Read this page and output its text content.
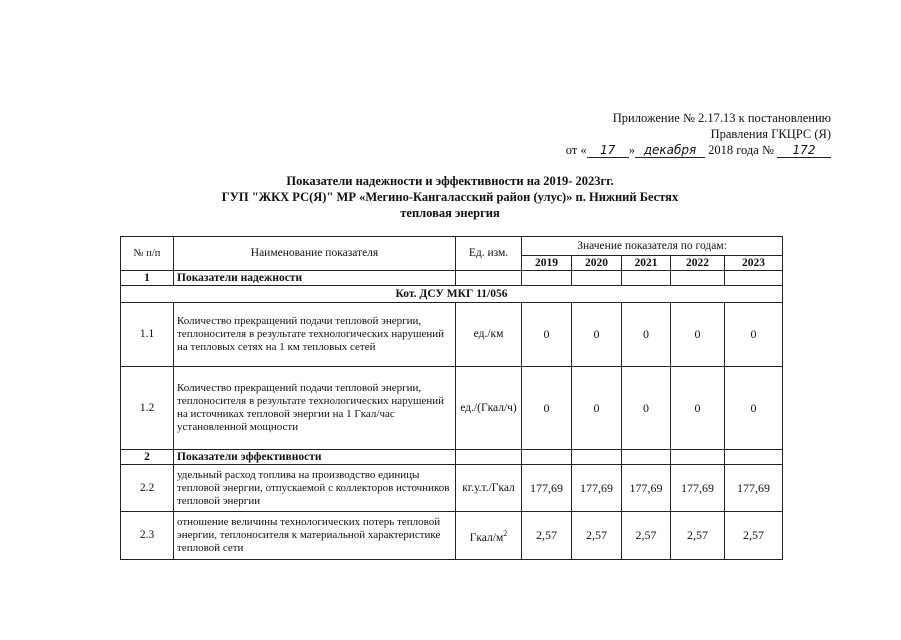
Приложение № 2.17.13 к постановлению
Правления ГКЦРС (Я)
от « 17 » декабря 2018 года № 172
Показатели надежности и эффективности на 2019- 2023гг.
ГУП "ЖКХ РС(Я)" МР «Мегино-Кангаласский район (улус)» п. Нижний Бестях
тепловая энергия
№ п/п	Наименование показателя	Ед. изм.	Значение показателя по годам:				
			2019	2020	2021	2022	2023
1	Показатели надежности						
Кот. ДСУ МКГ 11/056							
1.1	Количество прекращений подачи тепловой энергии, теплоносителя в результате технологических нарушений на тепловых сетях на 1 км тепловых сетей	ед./км	0	0	0	0	0
1.2	Количество прекращений подачи тепловой энергии, теплоносителя в результате технологических нарушений на источниках тепловой энергии на 1 Гкал/час установленной мощности	ед./(Гкал/ч)	0	0	0	0	0
2	Показатели эффективности						
2.2	удельный расход топлива на производство единицы тепловой энергии, отпускаемой с коллекторов источников тепловой энергии	кг.у.т./Гкал	177,69	177,69	177,69	177,69	177,69
2.3	отношение величины технологических потерь тепловой энергии, теплоносителя к материальной характеристике тепловой сети	Гкал/$м^2$	2,57	2,57	2,57	2,57	2,57
